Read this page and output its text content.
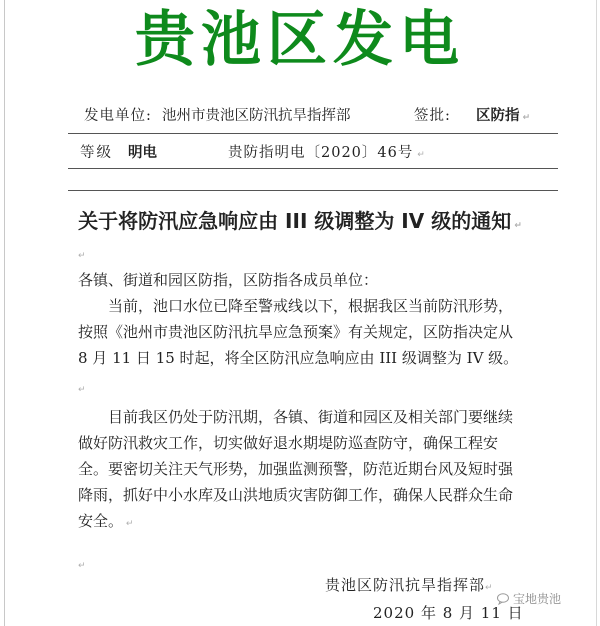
贵池区发电
发电单位: 池州市贵池区防汛抗旱指挥部	签批: 区防指 ↵
等级 明电	贵防指明电〔2020〕46号 ↵
关于将防汛应急响应由 III 级调整为 IV 级的通知 ↵
↵
各镇、街道和园区防指，区防指各成员单位：
当前，池口水位已降至警戒线以下，根据我区当前防汛形势，按照《池州市贵池区防汛抗旱应急预案》有关规定，区防指决定从 8 月 11 日 15 时起，将全区防汛应急响应由 III 级调整为 IV 级。 ↵
目前我区仍处于防汛期，各镇、街道和园区及相关部门要继续做好防汛救灾工作，切实做好退水期堤防巡查防守，确保工程安全。要密切关注天气形势，加强监测预警，防范近期台风及短时强降雨，抓好中小水库及山洪地质灾害防御工作，确保人民群众生命安全。 ↵
↵
贵池区防汛抗旱指挥部↵
2020 年 8 月 11 日
宝地贵池
